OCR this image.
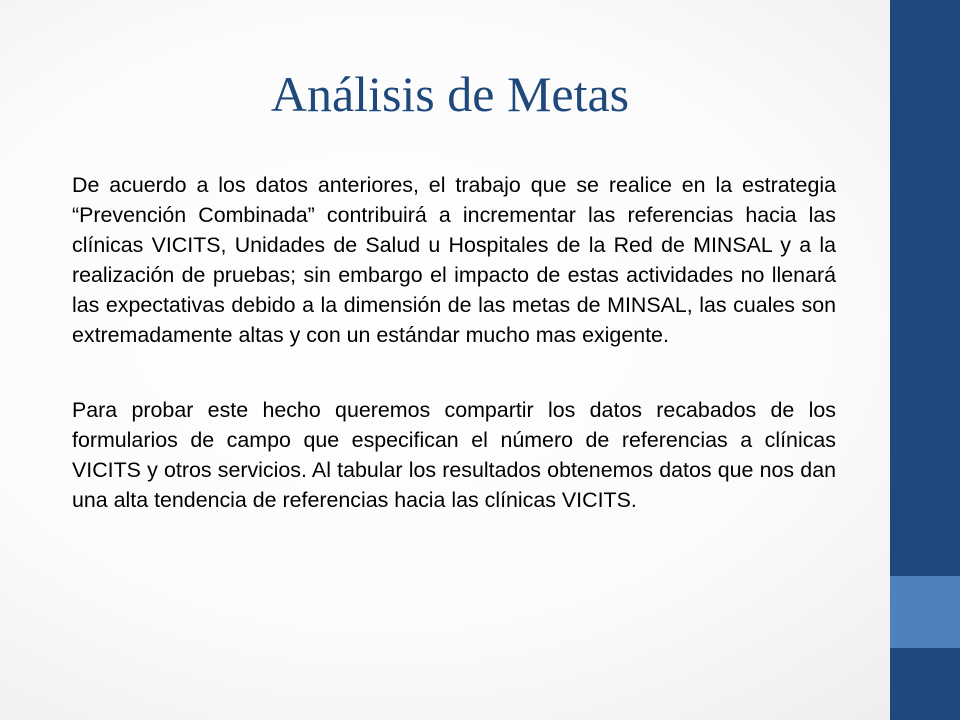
Análisis de Metas

De acuerdo a los datos anteriores, el trabajo que se realice en la estrategia “Prevención Combinada” contribuirá a incrementar las referencias hacia las clínicas VICITS, Unidades de Salud u Hospitales de la Red de MINSAL y a la realización de pruebas; sin embargo el impacto de estas actividades no llenará las expectativas debido a la dimensión de las metas de MINSAL, las cuales son extremadamente altas y con un estándar mucho mas exigente.

Para probar este hecho queremos compartir los datos recabados de los formularios de campo que especifican el número de referencias a clínicas VICITS y otros servicios. Al tabular los resultados obtenemos datos que nos dan una alta tendencia de referencias hacia las clínicas VICITS.
